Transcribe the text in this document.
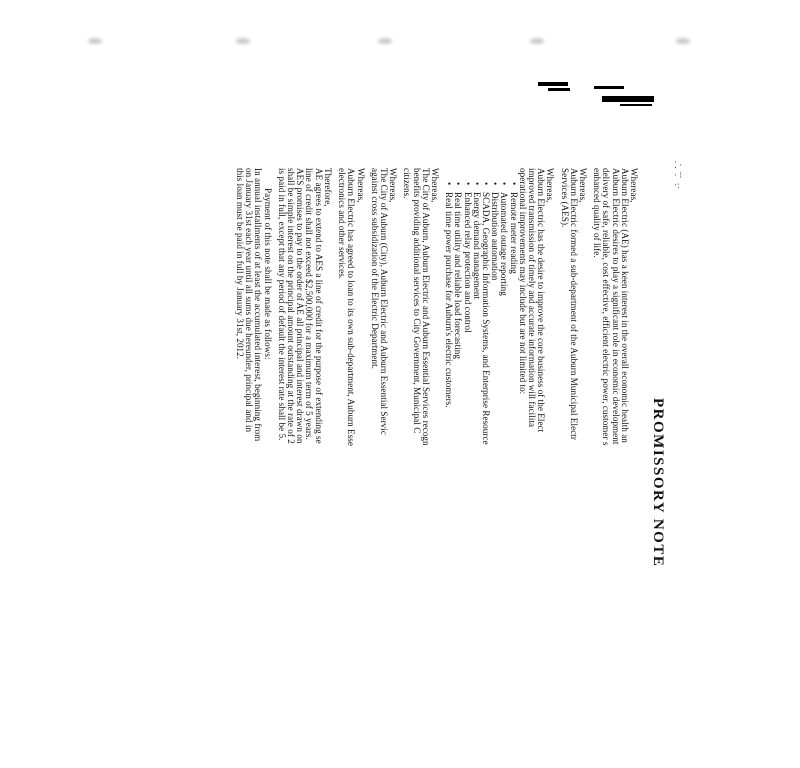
⁚ ·
· ⁝
·:
PROMISSORY NOTE
Whereas,
Auburn Electric (AE) has a keen interest in the overall economic health an
Auburn Electric desires to play a significant role in economic development
delivery of safe, reliable, cost effective, efficient electric power, customer s
enhanced quality of life.
Whereas,
Auburn Electric formed a sub-department of the Auburn Municipal Electr
Services (AES).
Whereas,
Auburn Electric has the desire to improve the core business of the Elect
improved transmission of timely and accurate information will facilita
operational improvements may include but are not limited to:
• Remote meter reading
• Automated outage reporting
• Distribution automation
• SCADA, Geographic Information Systems, and Enterprise Resource
• Energy demand management
• Enhanced relay protection and control
• Real time utility and reliable load forecasting
• Real time power purchase for Auburn's electric customers.
Whereas,
The City of Auburn, Auburn Electric and Auburn Essential Services recogn
benefits providing additional services to City Government, Municipal C
citizens.
Whereas,
The City of Auburn (City), Auburn Electric and Auburn Essential Servic
against cross subsidization of the Electric Department.
Whereas,
Auburn Electric has agreed to loan to its own sub-department, Auburn Esse
electronics and other services.
Therefore,
AE agrees to extend to AES a line of credit for the purpose of extending se
line of credit shall not exceed $2,500,000 for a maximum term of 5 years.
AES promises to pay to the order of AE all principal and interest drawn on
shall be simple interest on the principal amount outstanding at the rate of 2
is paid in full, except that any period of default the interest rate shall be 5.
Payment of this note shall be made as follows:
In annual installments of at least the accumulated interest, beginning from
on January 31st each year until all sums due hereunder, principal and in
this loan must be paid in full by January 31st, 2012.
